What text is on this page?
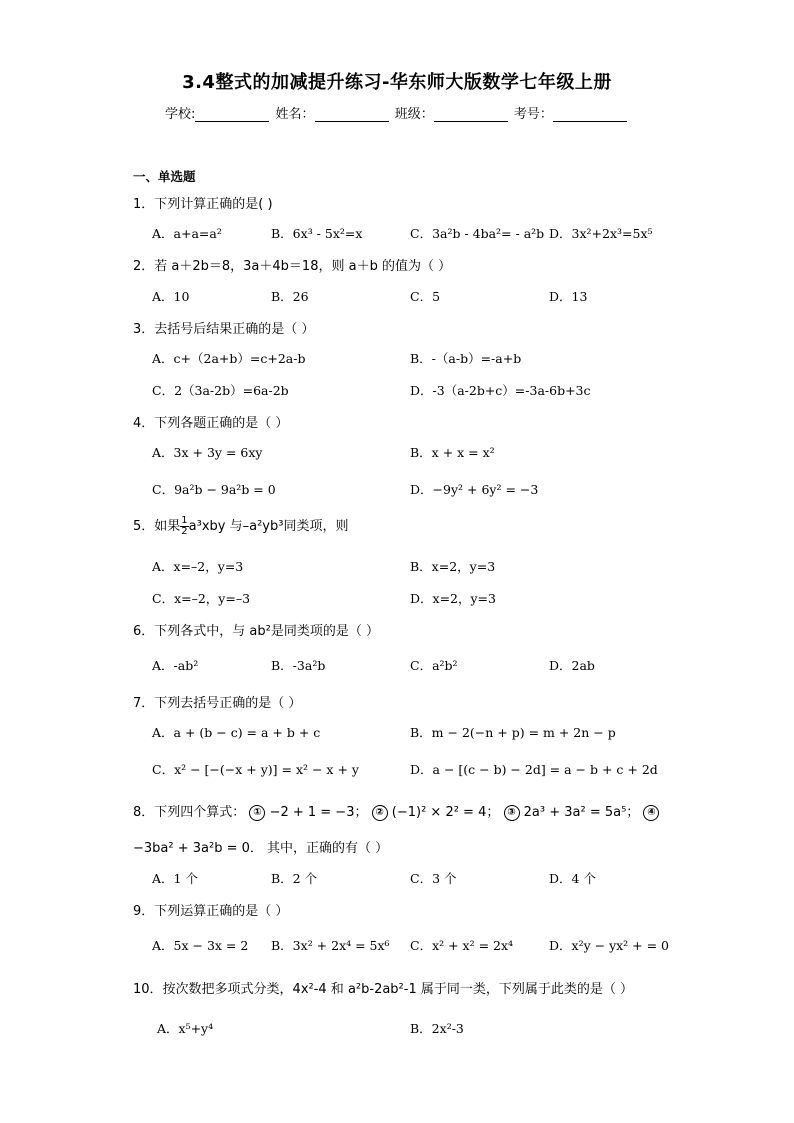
3.4整式的加减提升练习-华东师大版数学七年级上册
学校:	姓名：	班级：	考号：
一、单选题
1．下列计算正确的是( )
A．a+a=a²	B．6x³ - 5x²=x	C．3a²b - 4ba²= - a²b D．3x²+2x³=5x⁵
2．若 a＋2b＝8，3a＋4b＝18，则 a＋b 的值为（ ）
A．10	B．26	C．5	D．13
3．去括号后结果正确的是（ ）
A．c+（2a+b）=c+2a-b	B．-（a-b）=-a+b
C．2（3a-2b）=6a-2b	D．-3（a-2b+c）=-3a-6b+3c
4．下列各题正确的是（ ）
A．3x + 3y = 6xy	B．x + x = x²
C．9a²b − 9a²b = 0	D．−9y² + 6y² = −3
5．如果 $\frac{1}{2} a^3xby$ 与–a²yb³同类项，则
A．x=–2，y=3	B．x=2，y=3
C．x=–2，y=–3	D．x=2，y=3
6．下列各式中，与 ab²是同类项的是（ ）
A．-ab²	B．-3a²b	C．a²b²	D．2ab
7．下列去括号正确的是（ ）
A．a + (b − c) = a + b + c	B．m − 2(−n + p) = m + 2n − p
C．x² − [−(−x + y)] = x² − x + y	D．a − [(c − b) − 2d] = a − b + c + 2d
8．下列四个算式： ① −2 + 1 = −3； ② (−1)² × 2² = 4； ③ 2a³ + 3a² = 5a⁵； ④
−3ba² + 3a²b = 0． 其中，正确的有（ ）
A．1 个	B．2 个	C．3 个	D．4 个
9．下列运算正确的是（ ）
A．5x − 3x = 2 B．3x² + 2x⁴ = 5x⁶ C．x² + x² = 2x⁴	D．x²y − yx² + = 0
10．按次数把多项式分类，4x²-4 和 a²b-2ab²-1 属于同一类，下列属于此类的是（ ）
A．x⁵+y⁴	B．2x²-3
